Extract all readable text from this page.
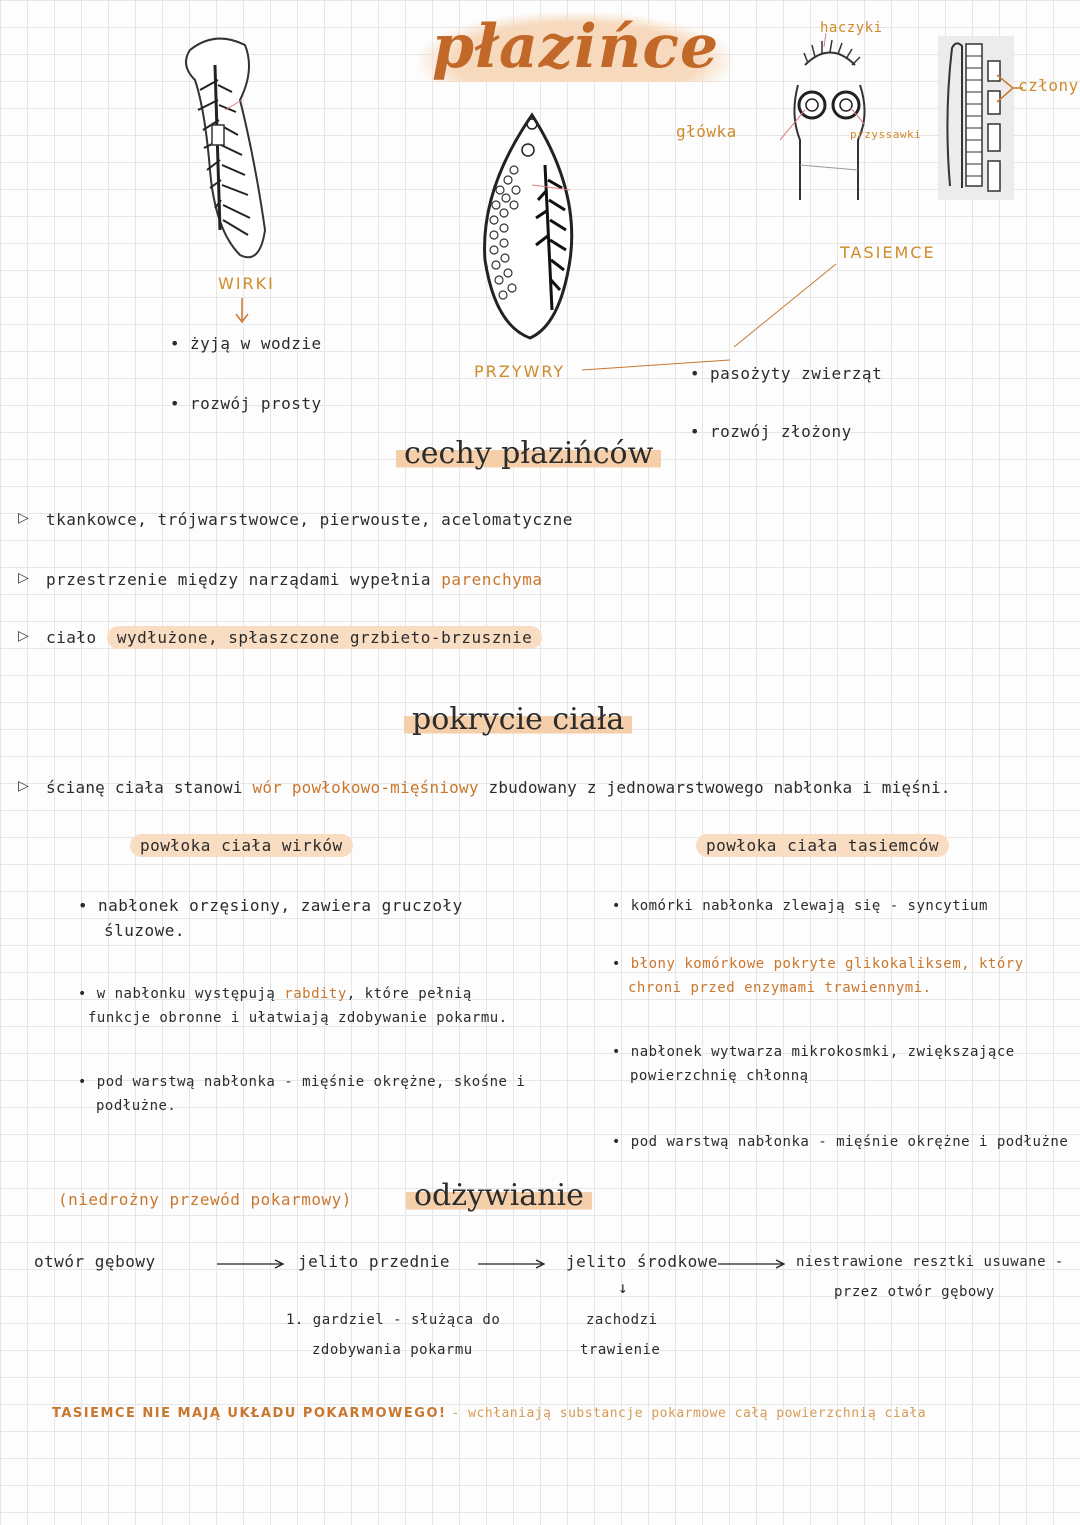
płazińce
WIRKI
• żyją w wodzie
• rozwój prosty
PRZYWRY
haczyki
główka	przyssawki
człony
TASIEMCE
• pasożyty zwierząt
• rozwój złożony
cechy płazińców
▷ tkankowce, trójwarstwowce, pierwouste, acelomatyczne
▷ przestrzenie między narządami wypełnia parenchyma
▷ ciało wydłużone, spłaszczone grzbieto-brzusznie
pokrycie ciała
▷ ścianę ciała stanowi wór powłokowo-mięśniowy zbudowany z jednowarstwowego nabłonka i mięśni.
powłoka ciała wirków	powłoka ciała tasiemców
• nabłonek orzęsiony, zawiera gruczoły
śluzowe.
• w nabłonku występują rabdity, które pełnią
funkcje obronne i ułatwiają zdobywanie pokarmu.
• pod warstwą nabłonka - mięśnie okrężne, skośne i
podłużne.
• komórki nabłonka zlewają się - syncytium
• błony komórkowe pokryte glikokaliksem, który
chroni przed enzymami trawiennymi.
• nabłonek wytwarza mikrokosmki, zwiększające
powierzchnię chłonną
• pod warstwą nabłonka - mięśnie okrężne i podłużne
(niedrożny przewód pokarmowy) odżywianie
otwór gębowy	jelito przednie	jelito środkowe	niestrawione resztki usuwane -
przez otwór gębowy
1. gardziel - służąca do
zdobywania pokarmu
↓
zachodzi
trawienie
TASIEMCE NIE MAJĄ UKŁADU POKARMOWEGO! - wchłaniają substancje pokarmowe całą powierzchnią ciała
